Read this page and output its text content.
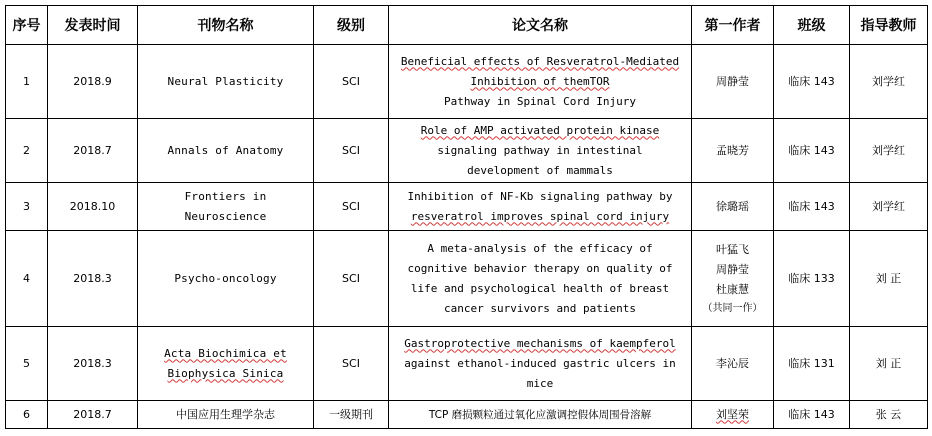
序号	发表时间	刊物名称	级别	论文名称	第一作者	班级	指导教师
1	2018.9	Neural Plasticity	SCI	Beneficial effects of Resveratrol-Mediated
Inhibition of themTOR
Pathway in Spinal Cord Injury	周静莹	临床 143	刘学红
2	2018.7	Annals of Anatomy	SCI	Role of AMP activated protein kinase
signaling pathway in intestinal
development of mammals	孟晓芳	临床 143	刘学红
3	2018.10	Frontiers in
Neuroscience	SCI	Inhibition of NF-Kb signaling pathway by
resveratrol improves spinal cord injury	徐璐瑶	临床 143	刘学红
4	2018.3	Psycho-oncology	SCI	A meta-analysis of the efficacy of
cognitive behavior therapy on quality of
life and psychological health of breast
cancer survivors and patients	叶猛飞
周静莹
杜康慧
（共同一作）	临床 133	刘 正
5	2018.3	Acta Biochimica et
Biophysica Sinica	SCI	Gastroprotective mechanisms of kaempferol
against ethanol-induced gastric ulcers in
mice	李沁辰	临床 131	刘 正
6	2018.7	中国应用生理学杂志	一级期刊	TCP 磨损颗粒通过氧化应激调控假体周围骨溶解	刘坚荣	临床 143	张 云
